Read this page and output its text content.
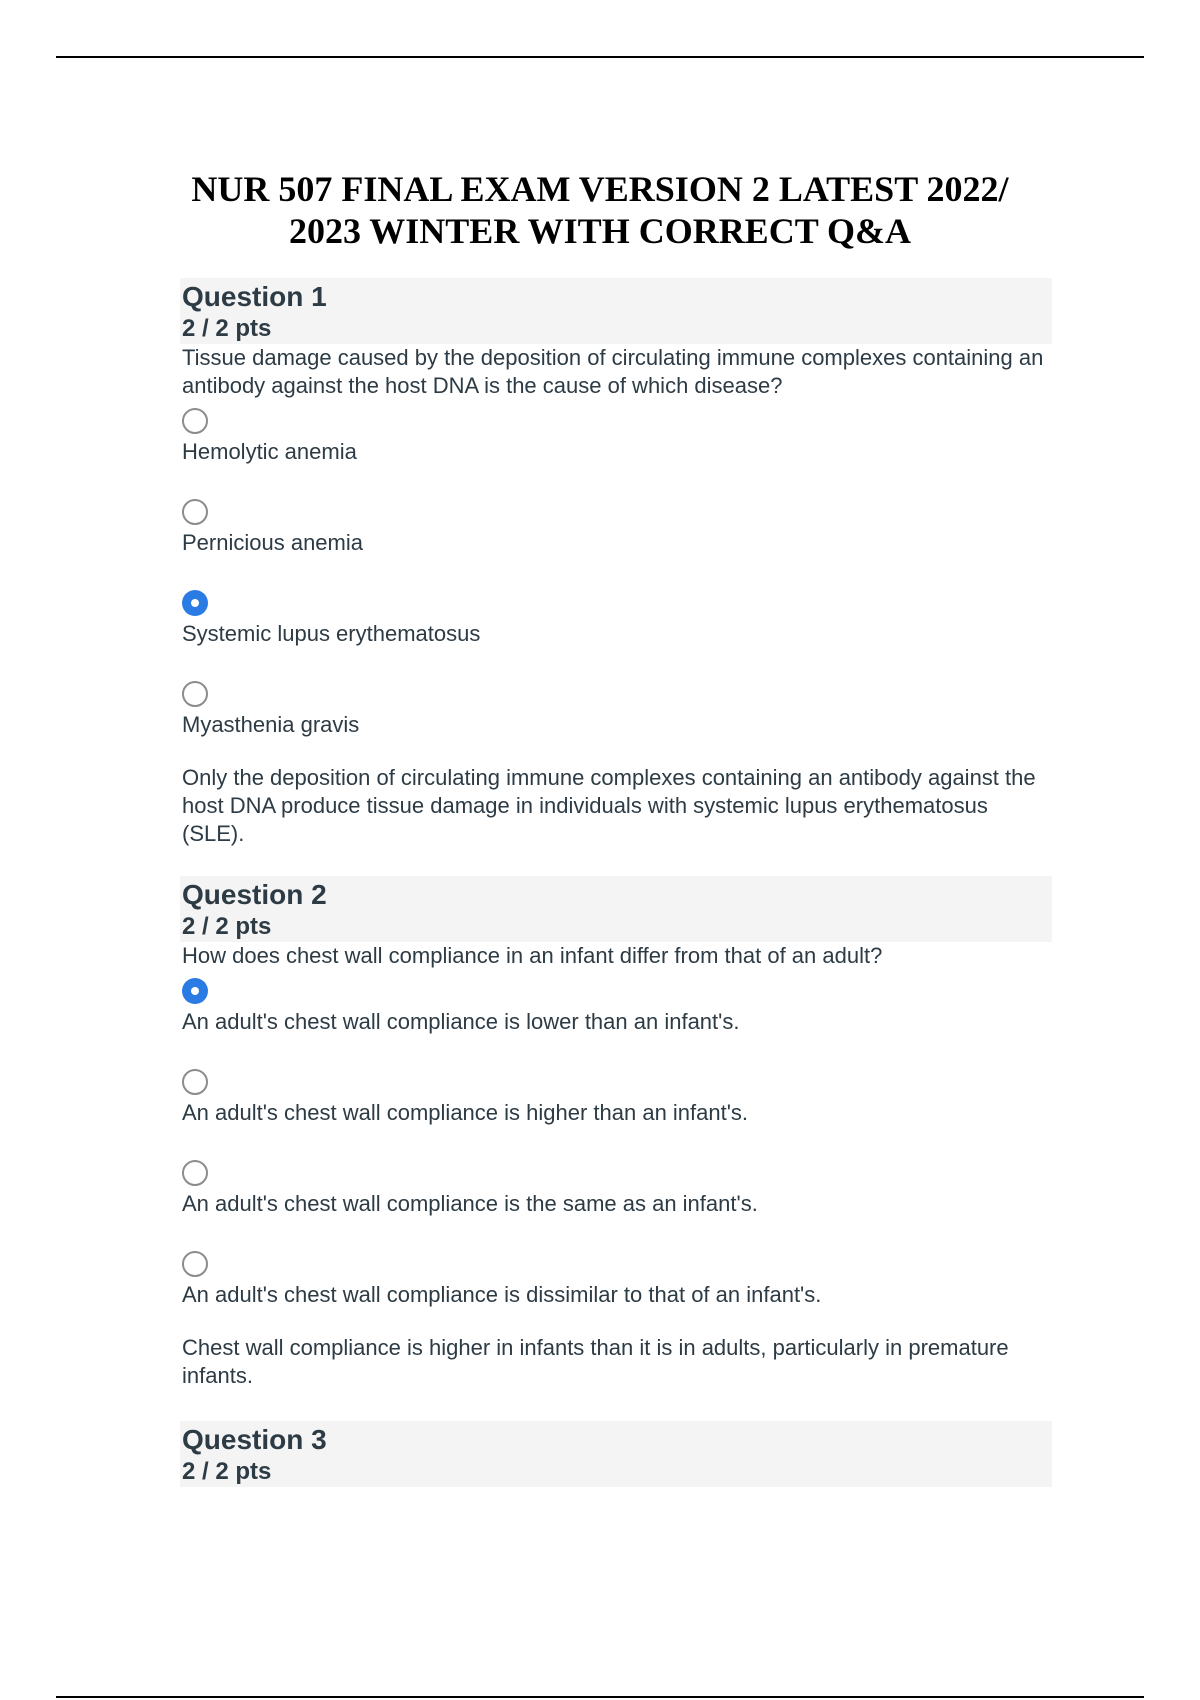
NUR 507 FINAL EXAM VERSION 2 LATEST 2022/
2023 WINTER WITH CORRECT Q&A
Question 1
2 / 2 pts
Tissue damage caused by the deposition of circulating immune complexes containing an antibody against the host DNA is the cause of which disease?
Hemolytic anemia
Pernicious anemia
Systemic lupus erythematosus
Myasthenia gravis
Only the deposition of circulating immune complexes containing an antibody against the host DNA produce tissue damage in individuals with systemic lupus erythematosus (SLE).
Question 2
2 / 2 pts
How does chest wall compliance in an infant differ from that of an adult?
An adult's chest wall compliance is lower than an infant's.
An adult's chest wall compliance is higher than an infant's.
An adult's chest wall compliance is the same as an infant's.
An adult's chest wall compliance is dissimilar to that of an infant's.
Chest wall compliance is higher in infants than it is in adults, particularly in premature infants.
Question 3
2 / 2 pts
